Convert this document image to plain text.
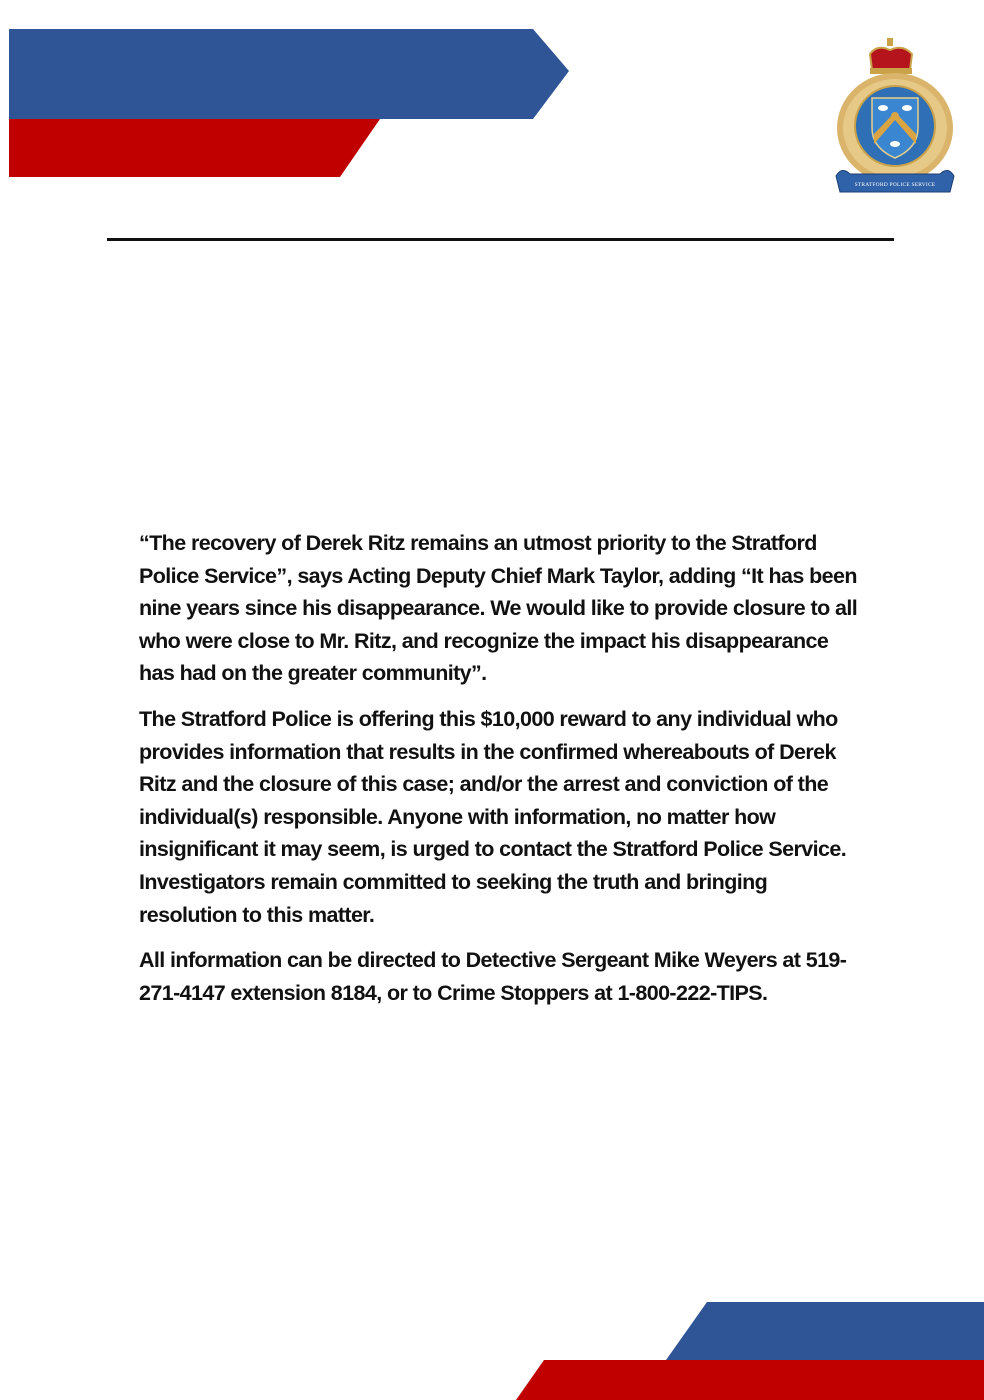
STRATFORD POLICE SERVICE

“The recovery of Derek Ritz remains an utmost priority to the Stratford Police Service”, says Acting Deputy Chief Mark Taylor, adding “It has been nine years since his disappearance. We would like to provide closure to all who were close to Mr. Ritz, and recognize the impact his disappearance has had on the greater community”.

The Stratford Police is offering this $10,000 reward to any individual who provides information that results in the confirmed whereabouts of Derek Ritz and the closure of this case; and/or the arrest and conviction of the individual(s) responsible. Anyone with information, no matter how insignificant it may seem, is urged to contact the Stratford Police Service. Investigators remain committed to seeking the truth and bringing resolution to this matter.

All information can be directed to Detective Sergeant Mike Weyers at 519-271-4147 extension 8184, or to Crime Stoppers at 1-800-222-TIPS.
